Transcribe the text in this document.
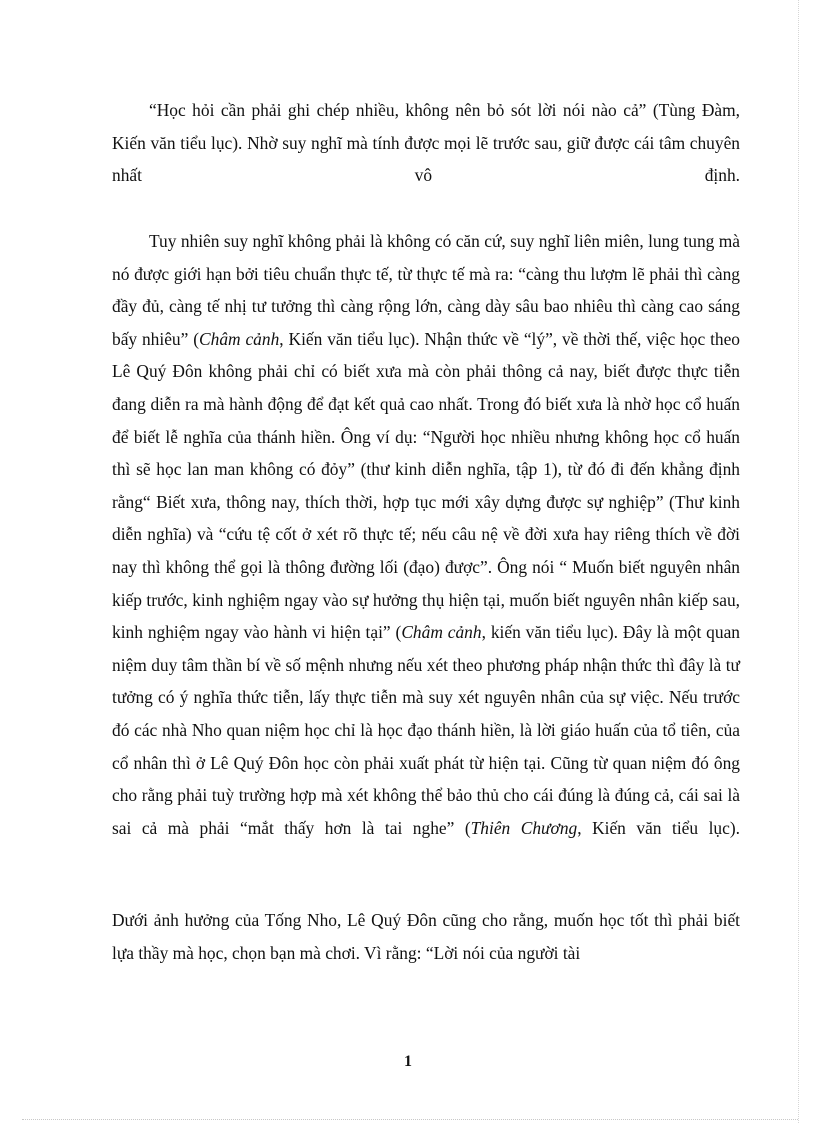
“Học hỏi cần phải ghi chép nhiều, không nên bỏ sót lời nói nào cả” (Tùng Đàm, Kiến văn tiểu lục). Nhờ suy nghĩ mà tính được mọi lẽ trước sau, giữ được cái tâm chuyên nhất vô định.

Tuy nhiên suy nghĩ không phải là không có căn cứ, suy nghĩ liên miên, lung tung mà nó được giới hạn bởi tiêu chuẩn thực tế, từ thực tế mà ra: “càng thu lượm lẽ phải thì càng đầy đủ, càng tế nhị tư tưởng thì càng rộng lớn, càng dày sâu bao nhiêu thì càng cao sáng bấy nhiêu” (Châm cảnh, Kiến văn tiểu lục). Nhận thức về “lý”, về thời thế, việc học theo Lê Quý Đôn không phải chỉ có biết xưa mà còn phải thông cả nay, biết được thực tiễn đang diễn ra mà hành động để đạt kết quả cao nhất. Trong đó biết xưa là nhờ học cổ huấn để biết lễ nghĩa của thánh hiền. Ông ví dụ: “Người học nhiều nhưng không học cổ huấn thì sẽ học lan man không có đỏy” (thư kinh diễn nghĩa, tập 1), từ đó đi đến khẳng định rằng“ Biết xưa, thông nay, thích thời, hợp tục mới xây dựng được sự nghiệp” (Thư kinh diễn nghĩa) và “cứu tệ cốt ở xét rõ thực tế; nếu câu nệ về đời xưa hay riêng thích về đời nay thì không thể gọi là thông đường lối (đạo) được”. Ông nói “ Muốn biết nguyên nhân kiếp trước, kinh nghiệm ngay vào sự hưởng thụ hiện tại, muốn biết nguyên nhân kiếp sau, kinh nghiệm ngay vào hành vi hiện tại” (Châm cảnh, kiến văn tiểu lục). Đây là một quan niệm duy tâm thần bí về số mệnh nhưng nếu xét theo phương pháp nhận thức thì đây là tư tưởng có ý nghĩa thức tiễn, lấy thực tiễn mà suy xét nguyên nhân của sự việc. Nếu trước đó các nhà Nho quan niệm học chỉ là học đạo thánh hiền, là lời giáo huấn của tổ tiên, của cổ nhân thì ở Lê Quý Đôn học còn phải xuất phát từ hiện tại. Cũng từ quan niệm đó ông cho rằng phải tuỳ trường hợp mà xét không thể bảo thủ cho cái đúng là đúng cả, cái sai là sai cả mà phải “mắt thấy hơn là tai nghe” (Thiên Chương, Kiến văn tiểu lục).

Dưới ảnh hưởng của Tống Nho, Lê Quý Đôn cũng cho rằng, muốn học tốt thì phải biết lựa thầy mà học, chọn bạn mà chơi. Vì rằng: “Lời nói của người tài

1
